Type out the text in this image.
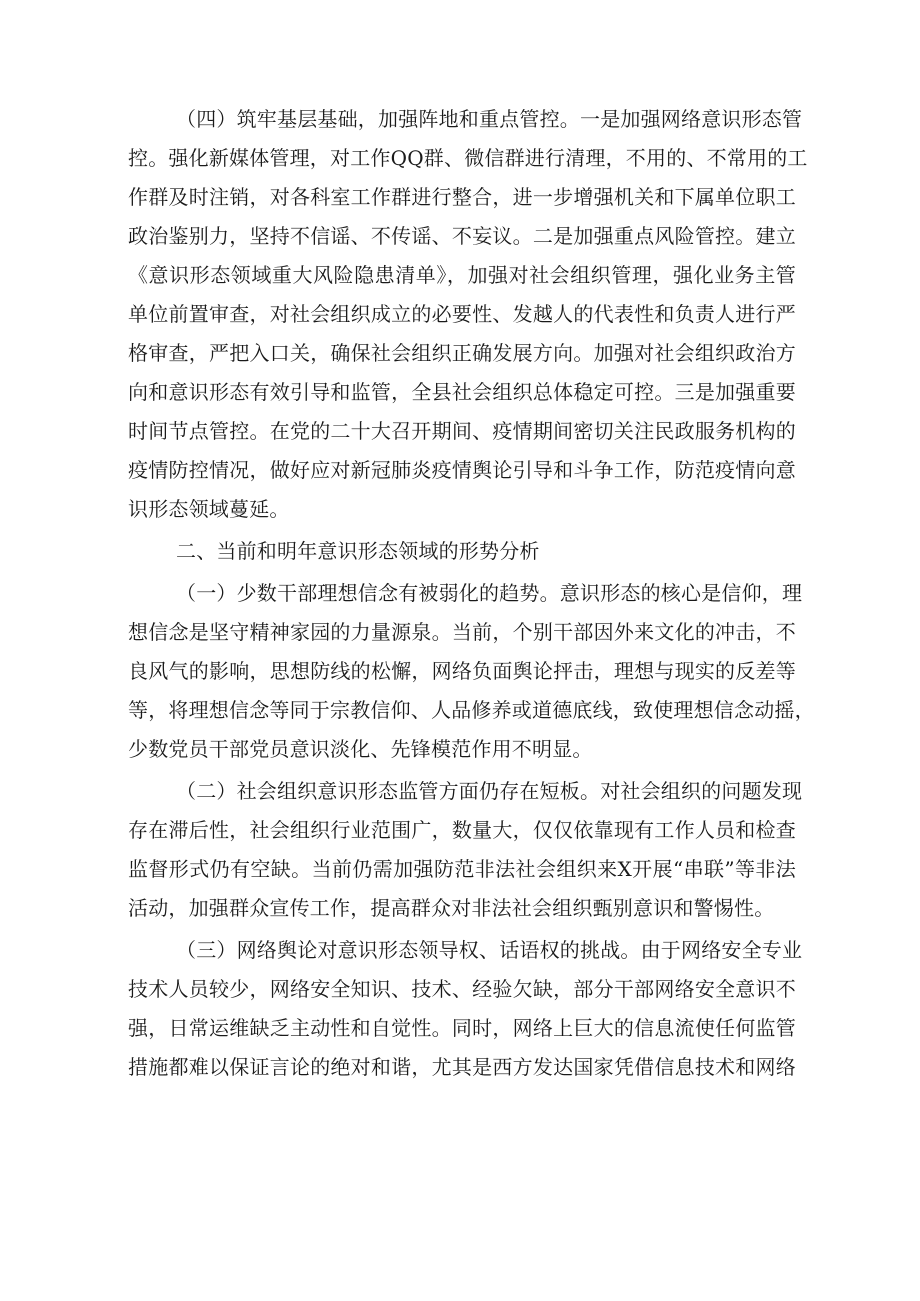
（四）筑牢基层基础，加强阵地和重点管控。一是加强网络意识形态管
控。强化新媒体管理，对工作QQ群、微信群进行清理，不用的、不常用的工
作群及时注销，对各科室工作群进行整合，进一步增强机关和下属单位职工
政治鉴别力，坚持不信谣、不传谣、不妄议。二是加强重点风险管控。建立
《意识形态领域重大风险隐患清单》，加强对社会组织管理，强化业务主管
单位前置审查，对社会组织成立的必要性、发越人的代表性和负责人进行严
格审查，严把入口关，确保社会组织正确发展方向。加强对社会组织政治方
向和意识形态有效引导和监管，全县社会组织总体稳定可控。三是加强重要
时间节点管控。在党的二十大召开期间、疫情期间密切关注民政服务机构的
疫情防控情况，做好应对新冠肺炎疫情舆论引导和斗争工作，防范疫情向意
识形态领域蔓延。
二、当前和明年意识形态领域的形势分析
（一）少数干部理想信念有被弱化的趋势。意识形态的核心是信仰，理
想信念是坚守精神家园的力量源泉。当前，个别干部因外来文化的冲击，不
良风气的影响，思想防线的松懈，网络负面舆论抨击，理想与现实的反差等
等，将理想信念等同于宗教信仰、人品修养或道德底线，致使理想信念动摇，
少数党员干部党员意识淡化、先锋模范作用不明显。
（二）社会组织意识形态监管方面仍存在短板。对社会组织的问题发现
存在滞后性，社会组织行业范围广，数量大，仅仅依靠现有工作人员和检查
监督形式仍有空缺。当前仍需加强防范非法社会组织来X开展“串联”等非法
活动，加强群众宣传工作，提高群众对非法社会组织甄别意识和警惕性。
（三）网络舆论对意识形态领导权、话语权的挑战。由于网络安全专业
技术人员较少，网络安全知识、技术、经验欠缺，部分干部网络安全意识不
强，日常运维缺乏主动性和自觉性。同时，网络上巨大的信息流使任何监管
措施都难以保证言论的绝对和谐，尤其是西方发达国家凭借信息技术和网络
